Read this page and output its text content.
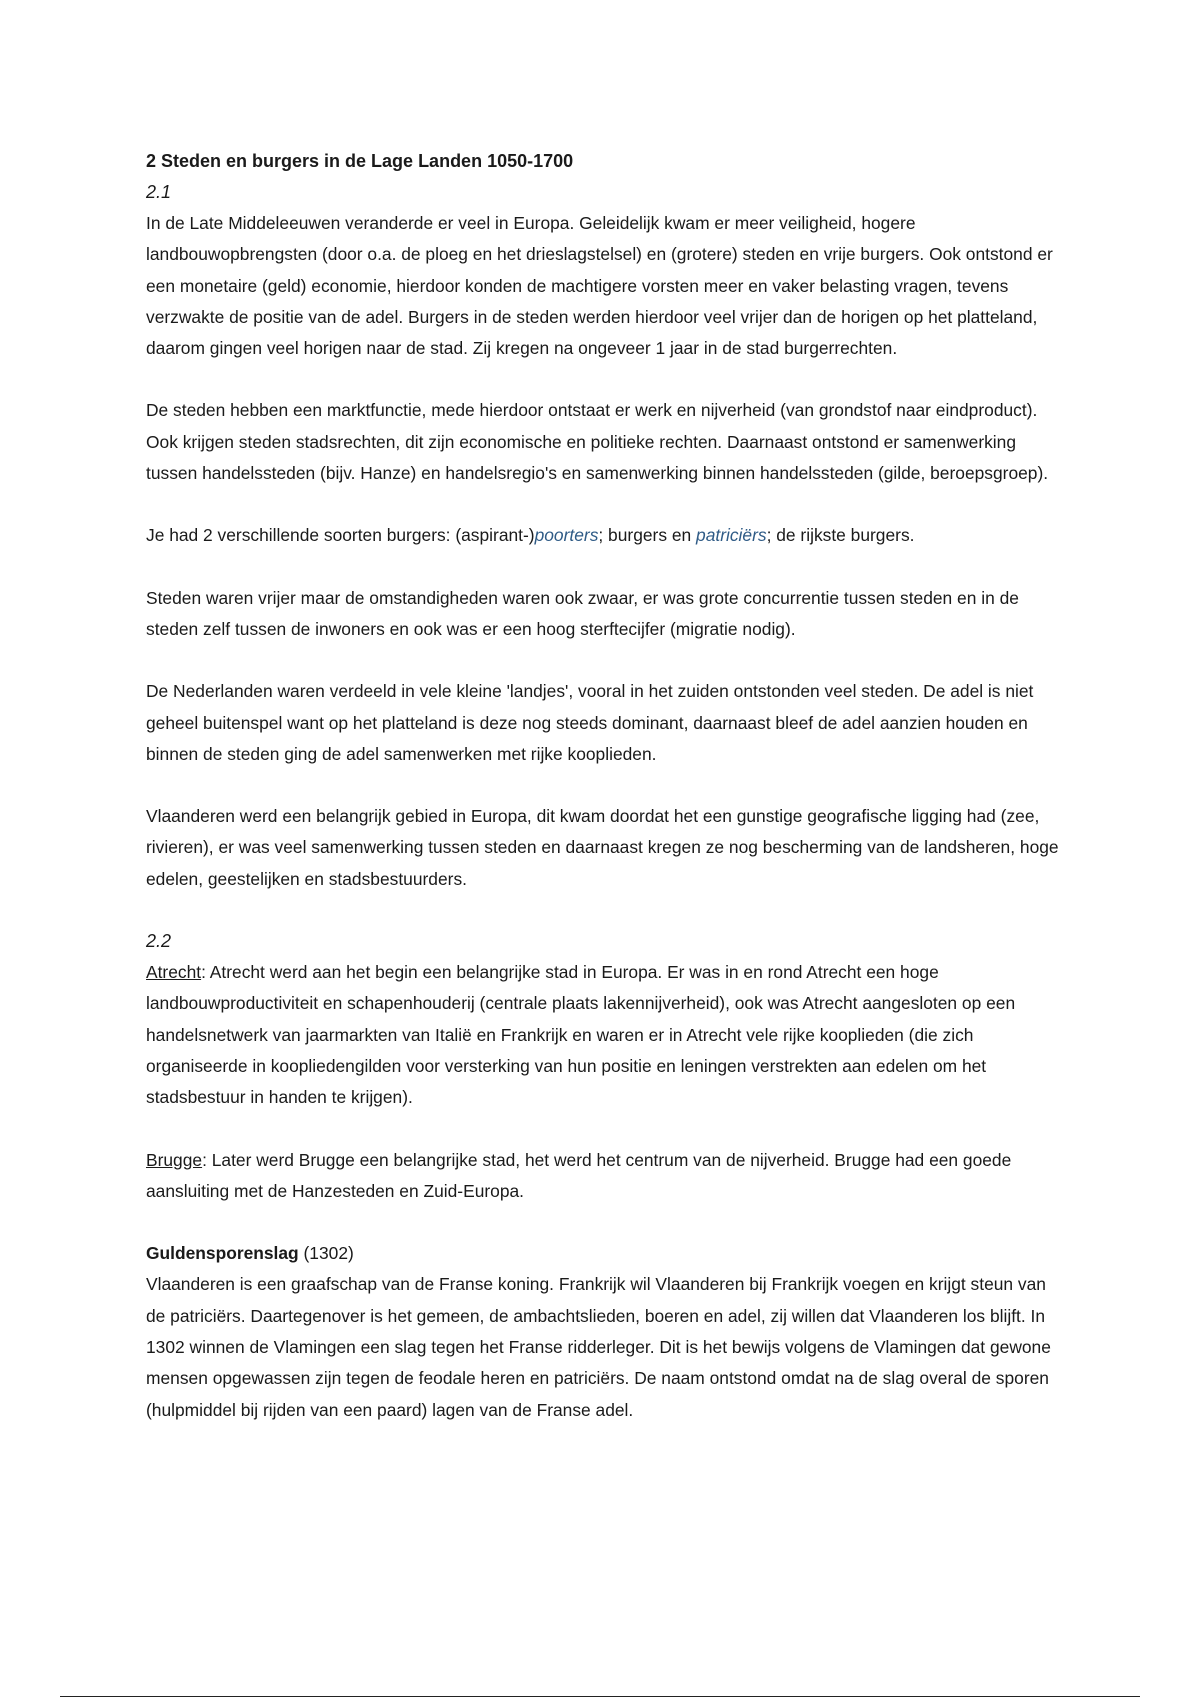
2 Steden en burgers in de Lage Landen 1050-1700
2.1

In de Late Middeleeuwen veranderde er veel in Europa. Geleidelijk kwam er meer veiligheid, hogere landbouwopbrengsten (door o.a. de ploeg en het drieslagstelsel) en (grotere) steden en vrije burgers. Ook ontstond er een monetaire (geld) economie, hierdoor konden de machtigere vorsten meer en vaker belasting vragen, tevens verzwakte de positie van de adel. Burgers in de steden werden hierdoor veel vrijer dan de horigen op het platteland, daarom gingen veel horigen naar de stad. Zij kregen na ongeveer 1 jaar in de stad burgerrechten.

De steden hebben een marktfunctie, mede hierdoor ontstaat er werk en nijverheid (van grondstof naar eindproduct). Ook krijgen steden stadsrechten, dit zijn economische en politieke rechten. Daarnaast ontstond er samenwerking tussen handelssteden (bijv. Hanze) en handelsregio's en samenwerking binnen handelssteden (gilde, beroepsgroep).

Je had 2 verschillende soorten burgers: (aspirant-)poorters; burgers en patriciërs; de rijkste burgers.

Steden waren vrijer maar de omstandigheden waren ook zwaar, er was grote concurrentie tussen steden en in de steden zelf tussen de inwoners en ook was er een hoog sterftecijfer (migratie nodig).

De Nederlanden waren verdeeld in vele kleine 'landjes', vooral in het zuiden ontstonden veel steden. De adel is niet geheel buitenspel want op het platteland is deze nog steeds dominant, daarnaast bleef de adel aanzien houden en binnen de steden ging de adel samenwerken met rijke kooplieden.

Vlaanderen werd een belangrijk gebied in Europa, dit kwam doordat het een gunstige geografische ligging had (zee, rivieren), er was veel samenwerking tussen steden en daarnaast kregen ze nog bescherming van de landsheren, hoge edelen, geestelijken en stadsbestuurders.

2.2

Atrecht: Atrecht werd aan het begin een belangrijke stad in Europa. Er was in en rond Atrecht een hoge landbouwproductiviteit en schapenhouderij (centrale plaats lakennijverheid), ook was Atrecht aangesloten op een handelsnetwerk van jaarmarkten van Italië en Frankrijk en waren er in Atrecht vele rijke kooplieden (die zich organiseerde in koopliedengilden voor versterking van hun positie en leningen verstrekten aan edelen om het stadsbestuur in handen te krijgen).

Brugge: Later werd Brugge een belangrijke stad, het werd het centrum van de nijverheid. Brugge had een goede aansluiting met de Hanzesteden en Zuid-Europa.

Guldensporenslag (1302)

Vlaanderen is een graafschap van de Franse koning. Frankrijk wil Vlaanderen bij Frankrijk voegen en krijgt steun van de patriciërs. Daartegenover is het gemeen, de ambachtslieden, boeren en adel, zij willen dat Vlaanderen los blijft. In 1302 winnen de Vlamingen een slag tegen het Franse ridderleger. Dit is het bewijs volgens de Vlamingen dat gewone mensen opgewassen zijn tegen de feodale heren en patriciërs. De naam ontstond omdat na de slag overal de sporen (hulpmiddel bij rijden van een paard) lagen van de Franse adel.
